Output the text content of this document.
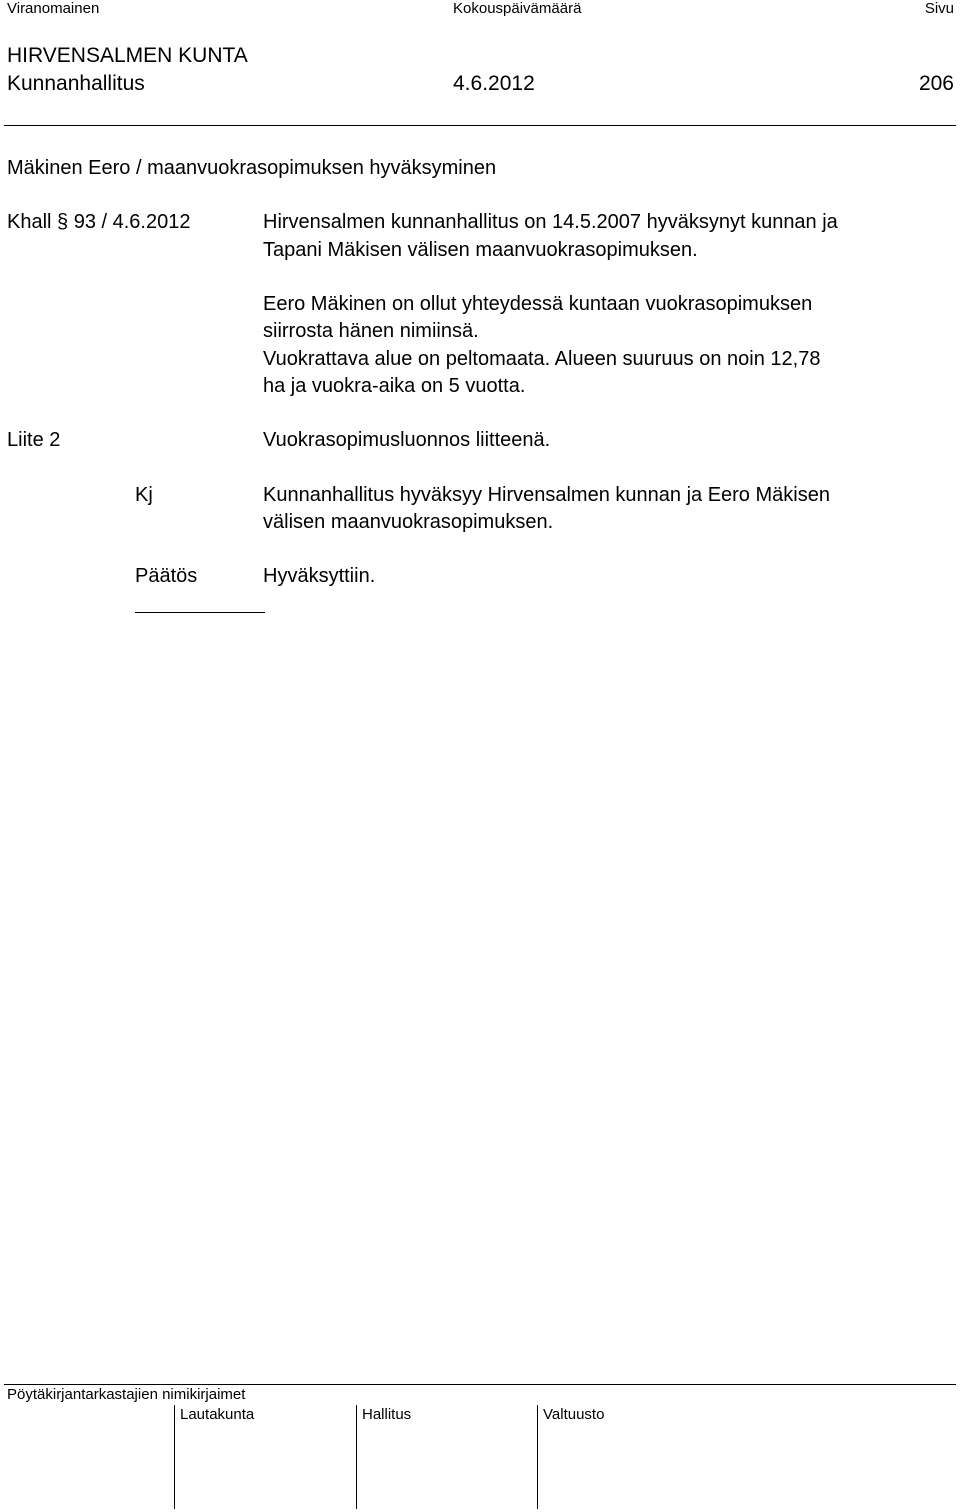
Viranomainen	Kokouspäivämäärä	Sivu
HIRVENSALMEN KUNTA
Kunnanhallitus	4.6.2012	206
Mäkinen Eero / maanvuokrasopimuksen hyväksyminen
Khall § 93 / 4.6.2012	Hirvensalmen kunnanhallitus on 14.5.2007 hyväksynyt kunnan ja
Tapani Mäkisen välisen maanvuokrasopimuksen.
Eero Mäkinen on ollut yhteydessä kuntaan vuokrasopimuksen
siirrosta hänen nimiinsä.
Vuokrattava alue on peltomaata. Alueen suuruus on noin 12,78
ha ja vuokra-aika on 5 vuotta.
Liite 2	Vuokrasopimusluonnos liitteenä.
Kj	Kunnanhallitus hyväksyy Hirvensalmen kunnan ja Eero Mäkisen
välisen maanvuokrasopimuksen.
Päätös	Hyväksyttiin.
Pöytäkirjantarkastajien nimikirjaimet
Lautakunta	Hallitus	Valtuusto
